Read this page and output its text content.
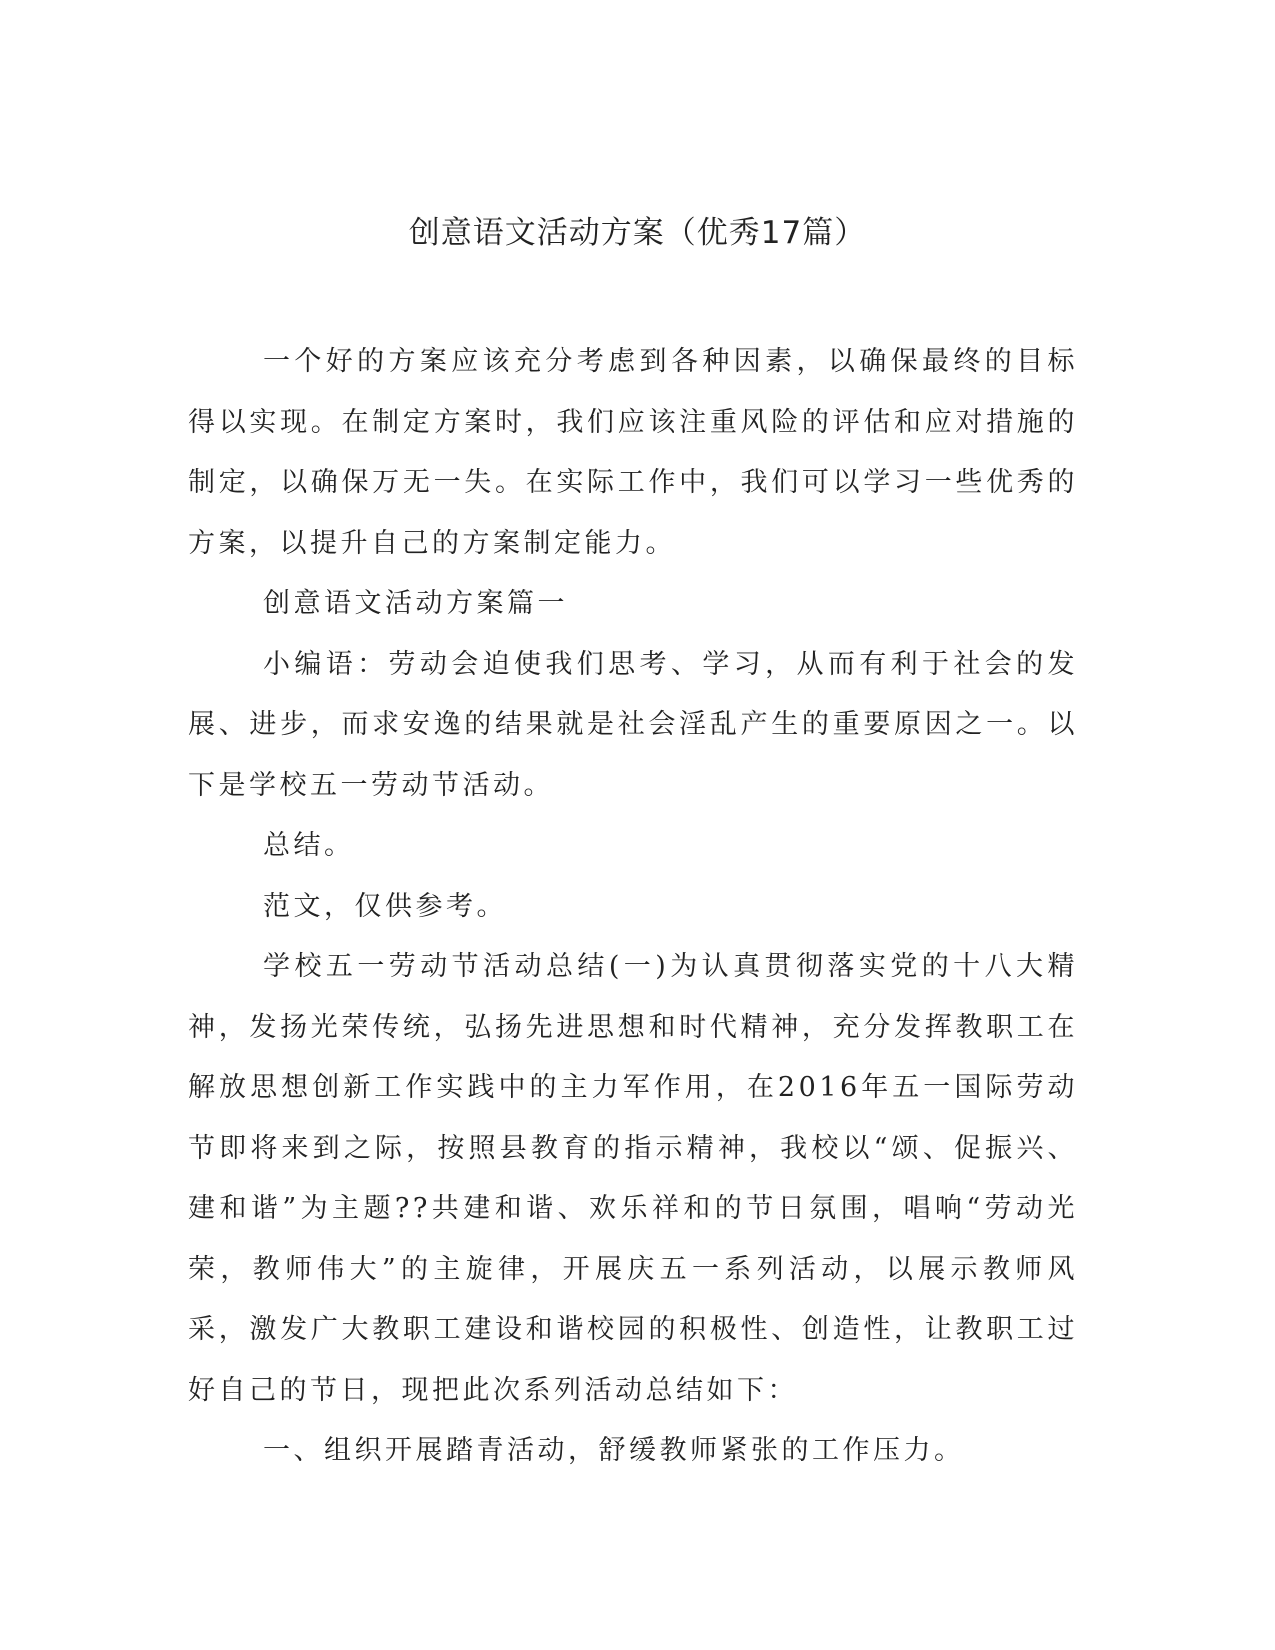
创意语文活动方案（优秀17篇）

一个好的方案应该充分考虑到各种因素，以确保最终的目标得以实现。在制定方案时，我们应该注重风险的评估和应对措施的制定，以确保万无一失。在实际工作中，我们可以学习一些优秀的方案，以提升自己的方案制定能力。

创意语文活动方案篇一

小编语：劳动会迫使我们思考、学习，从而有利于社会的发展、进步，而求安逸的结果就是社会淫乱产生的重要原因之一。以下是学校五一劳动节活动。

总结。

范文，仅供参考。

学校五一劳动节活动总结(一)为认真贯彻落实党的十八大精神，发扬光荣传统，弘扬先进思想和时代精神，充分发挥教职工在解放思想创新工作实践中的主力军作用，在2016年五一国际劳动节即将来到之际，按照县教育的指示精神，我校以“颂、促振兴、建和谐”为主题??共建和谐、欢乐祥和的节日氛围，唱响“劳动光荣，教师伟大”的主旋律，开展庆五一系列活动，以展示教师风采，激发广大教职工建设和谐校园的积极性、创造性，让教职工过好自己的节日，现把此次系列活动总结如下：

一、组织开展踏青活动，舒缓教师紧张的工作压力。
